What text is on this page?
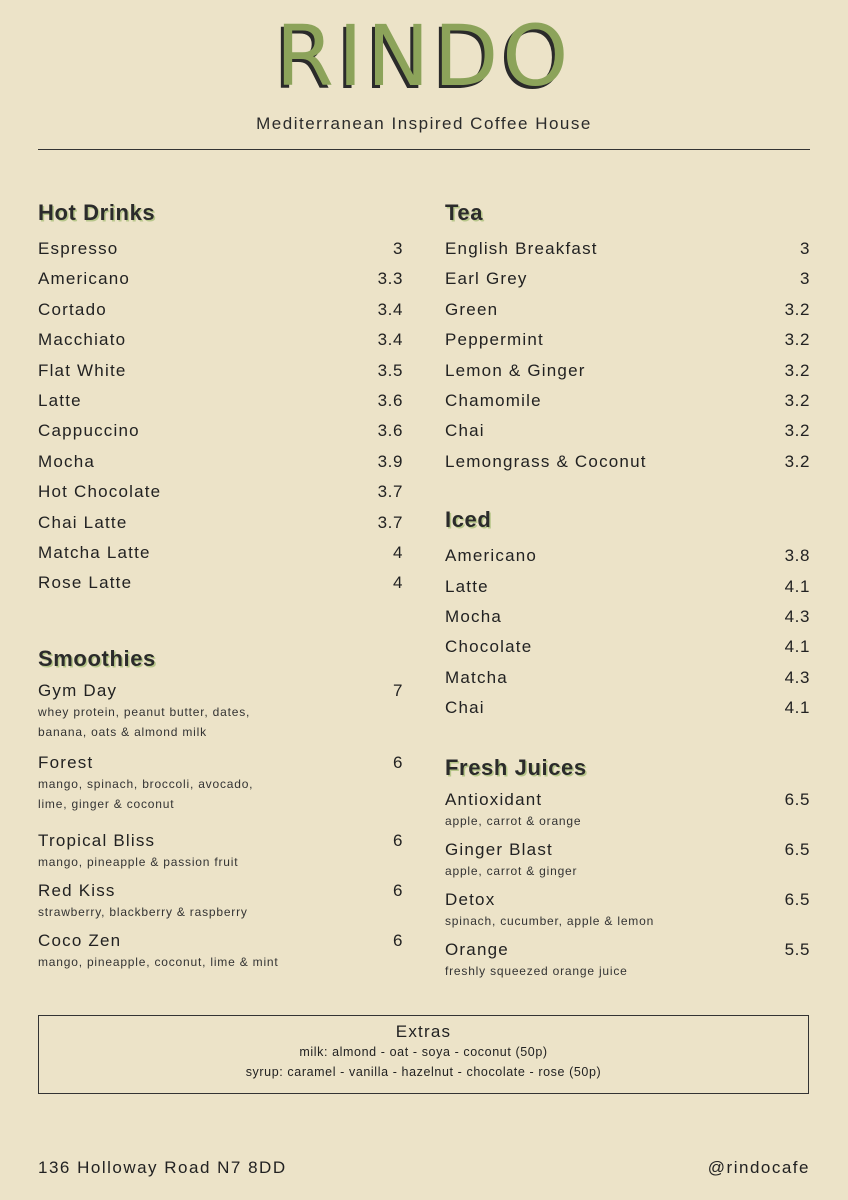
RINDO
Mediterranean Inspired Coffee House
Hot Drinks
Espresso	3
Americano	3.3
Cortado	3.4
Macchiato	3.4
Flat White	3.5
Latte	3.6
Cappuccino	3.6
Mocha	3.9
Hot Chocolate	3.7
Chai Latte	3.7
Matcha Latte	4
Rose Latte	4
Smoothies
Gym Day	7
whey protein, peanut butter, dates,
banana, oats & almond milk
Forest	6
mango, spinach, broccoli, avocado,
lime, ginger & coconut
Tropical Bliss	6
mango, pineapple & passion fruit
Red Kiss	6
strawberry, blackberry & raspberry
Coco Zen	6
mango, pineapple, coconut, lime & mint
Tea
English Breakfast	3
Earl Grey	3
Green	3.2
Peppermint	3.2
Lemon & Ginger	3.2
Chamomile	3.2
Chai	3.2
Lemongrass & Coconut	3.2
Iced
Americano	3.8
Latte	4.1
Mocha	4.3
Chocolate	4.1
Matcha	4.3
Chai	4.1
Fresh Juices
Antioxidant	6.5
apple, carrot & orange
Ginger Blast	6.5
apple, carrot & ginger
Detox	6.5
spinach, cucumber, apple & lemon
Orange	5.5
freshly squeezed orange juice
Extras
milk: almond - oat - soya - coconut (50p)
syrup: caramel - vanilla - hazelnut - chocolate - rose (50p)
136 Holloway Road N7 8DD	@rindocafe
